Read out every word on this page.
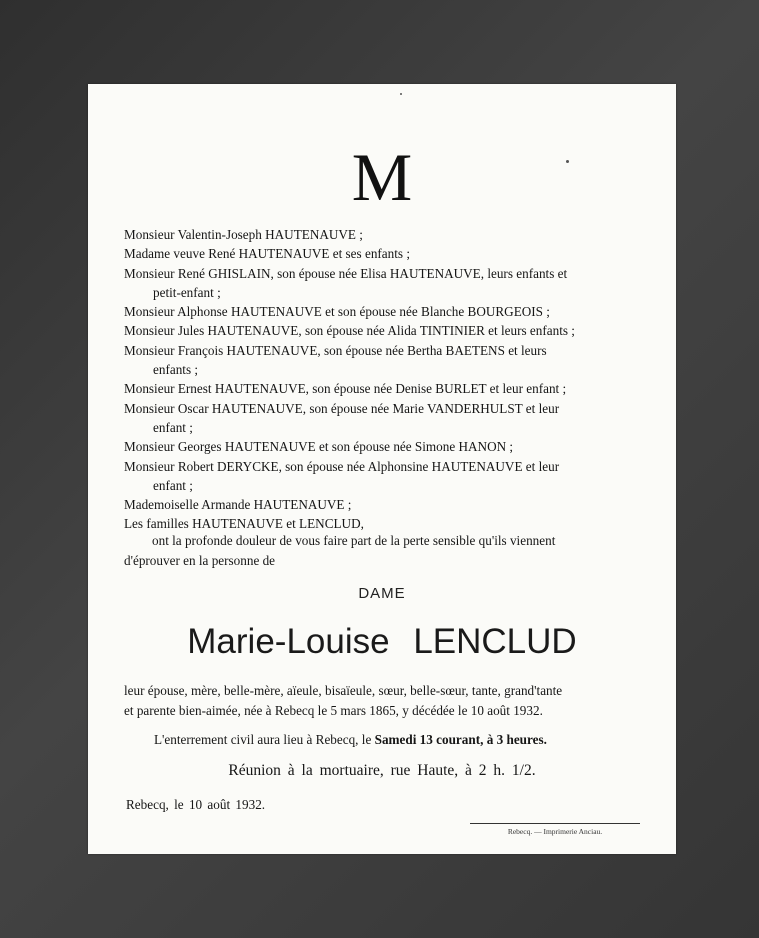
M
Monsieur Valentin-Joseph HAUTENAUVE ;
Madame veuve René HAUTENAUVE et ses enfants ;
Monsieur René GHISLAIN, son épouse née Elisa HAUTENAUVE, leurs enfants et
petit-enfant ;
Monsieur Alphonse HAUTENAUVE et son épouse née Blanche BOURGEOIS ;
Monsieur Jules HAUTENAUVE, son épouse née Alida TINTINIER et leurs enfants ;
Monsieur François HAUTENAUVE, son épouse née Bertha BAETENS et leurs
enfants ;
Monsieur Ernest HAUTENAUVE, son épouse née Denise BURLET et leur enfant ;
Monsieur Oscar HAUTENAUVE, son épouse née Marie VANDERHULST et leur
enfant ;
Monsieur Georges HAUTENAUVE et son épouse née Simone HANON ;
Monsieur Robert DERYCKE, son épouse née Alphonsine HAUTENAUVE et leur
enfant ;
Mademoiselle Armande HAUTENAUVE ;
Les familles HAUTENAUVE et LENCLUD,
ont la profonde douleur de vous faire part de la perte sensible qu'ils viennent
d'éprouver en la personne de
DAME
Marie-Louise LENCLUD
leur épouse, mère, belle-mère, aïeule, bisaïeule, sœur, belle-sœur, tante, grand'tante
et parente bien-aimée, née à Rebecq le 5 mars 1865, y décédée le 10 août 1932.
L'enterrement civil aura lieu à Rebecq, le Samedi 13 courant, à 3 heures.
Réunion à la mortuaire, rue Haute, à 2 h. 1/2.
Rebecq, le 10 août 1932.
Rebecq. — Imprimerie Anciau.
